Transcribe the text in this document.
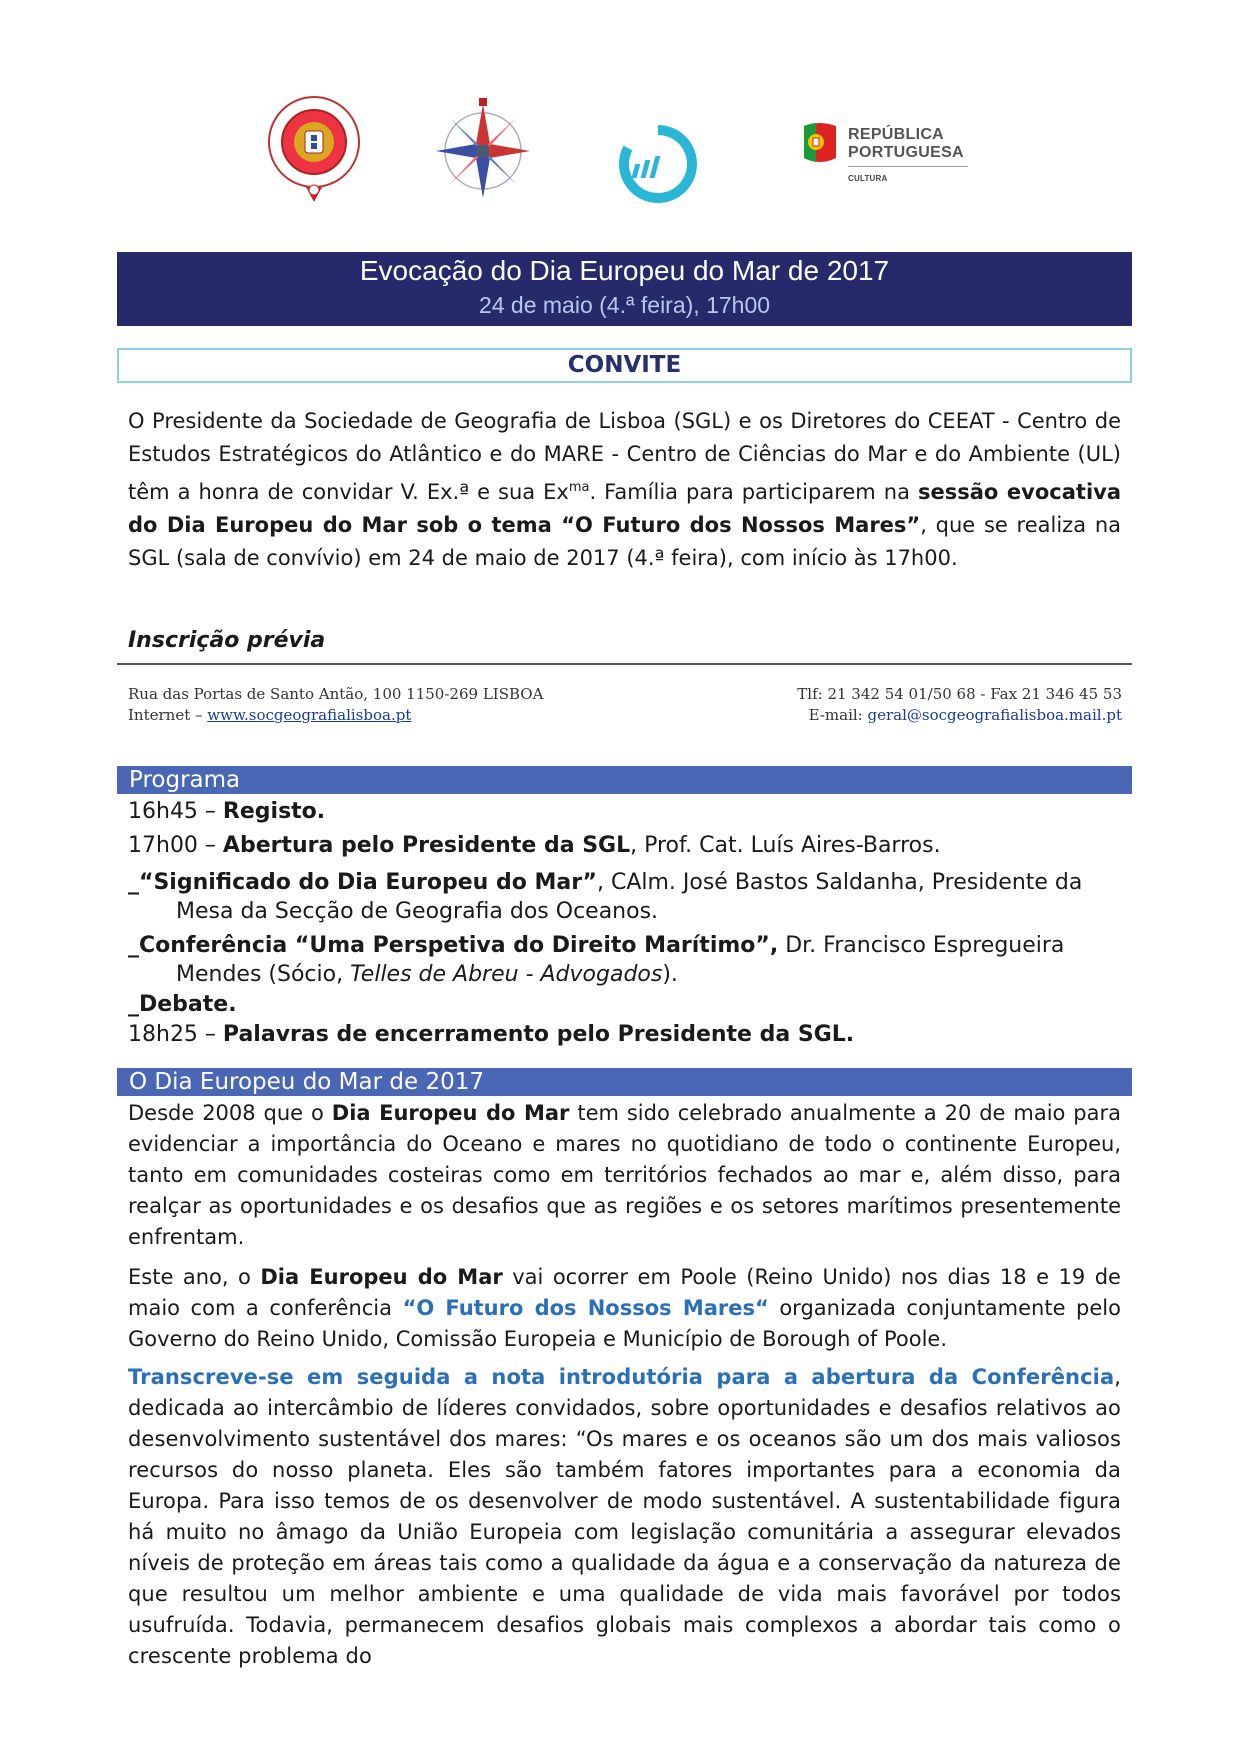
REPÚBLICA
PORTUGUESA
CULTURA
Evocação do Dia Europeu do Mar de 2017
24 de maio (4.ª feira), 17h00
CONVITE
O Presidente da Sociedade de Geografia de Lisboa (SGL) e os Diretores do CEEAT - Centro de Estudos Estratégicos do Atlântico e do MARE - Centro de Ciências do Mar e do Ambiente (UL) têm a honra de convidar V. Ex.ª e sua $Ex^{ma}$. Família para participarem na sessão evocativa do Dia Europeu do Mar sob o tema “O Futuro dos Nossos Mares”, que se realiza na SGL (sala de convívio) em 24 de maio de 2017 (4.ª feira), com início às 17h00.
Inscrição prévia
Rua das Portas de Santo Antão, 100 1150-269 LISBOA
Internet – www.socgeografialisboa.pt
Tlf: 21 342 54 01/50 68 - Fax 21 346 45 53
E-mail: geral@socgeografialisboa.mail.pt
Programa
16h45 – Registo.
17h00 – Abertura pelo Presidente da SGL, Prof. Cat. Luís Aires-Barros.
_“Significado do Dia Europeu do Mar”, CAlm. José Bastos Saldanha, Presidente da
Mesa da Secção de Geografia dos Oceanos.
_Conferência “Uma Perspetiva do Direito Marítimo”, Dr. Francisco Espregueira
Mendes (Sócio, Telles de Abreu - Advogados).
_Debate.
18h25 – Palavras de encerramento pelo Presidente da SGL.
O Dia Europeu do Mar de 2017
Desde 2008 que o Dia Europeu do Mar tem sido celebrado anualmente a 20 de maio para evidenciar a importância do Oceano e mares no quotidiano de todo o continente Europeu, tanto em comunidades costeiras como em territórios fechados ao mar e, além disso, para realçar as oportunidades e os desafios que as regiões e os setores marítimos presentemente enfrentam.
Este ano, o Dia Europeu do Mar vai ocorrer em Poole (Reino Unido) nos dias 18 e 19 de maio com a conferência “O Futuro dos Nossos Mares“ organizada conjuntamente pelo Governo do Reino Unido, Comissão Europeia e Município de Borough of Poole.
Transcreve-se em seguida a nota introdutória para a abertura da Conferência, dedicada ao intercâmbio de líderes convidados, sobre oportunidades e desafios relativos ao desenvolvimento sustentável dos mares: “Os mares e os oceanos são um dos mais valiosos recursos do nosso planeta. Eles são também fatores importantes para a economia da Europa. Para isso temos de os desenvolver de modo sustentável. A sustentabilidade figura há muito no âmago da União Europeia com legislação comunitária a assegurar elevados níveis de proteção em áreas tais como a qualidade da água e a conservação da natureza de que resultou um melhor ambiente e uma qualidade de vida mais favorável por todos usufruída. Todavia, permanecem desafios globais mais complexos a abordar tais como o crescente problema do
